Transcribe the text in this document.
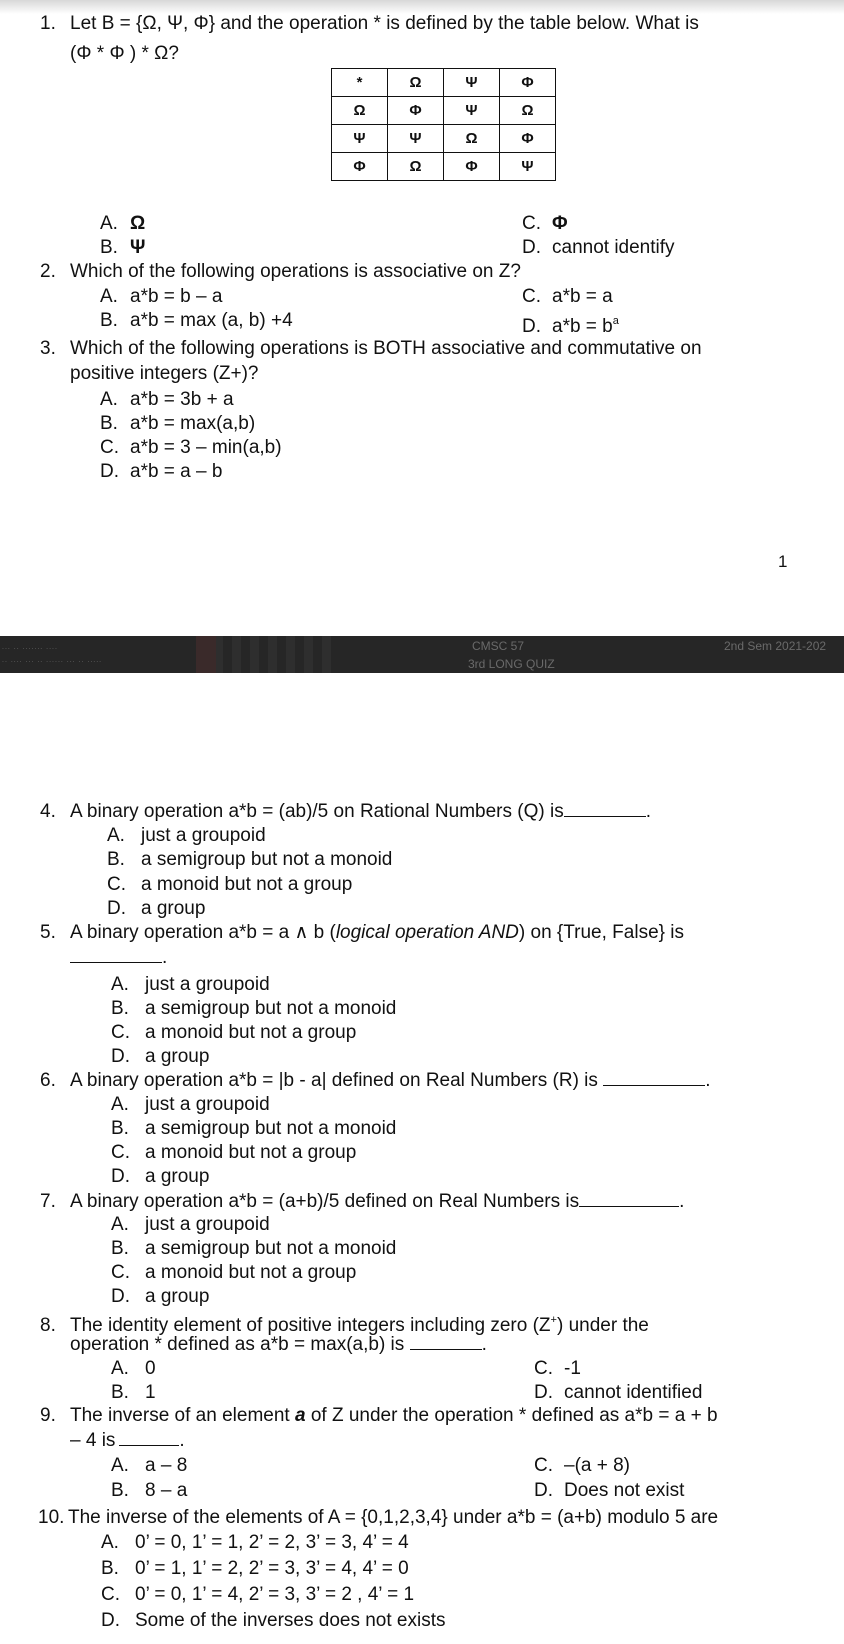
1. Let B = {Ω, Ψ, Φ} and the operation * is defined by the table below. What is
(Φ * Φ ) * Ω?
*	Ω	Ψ	Φ
Ω	Φ	Ψ	Ω
Ψ	Ψ	Ω	Φ
Φ	Ω	Φ	Ψ
A. Ω
B. Ψ
C. Φ
D. cannot identify
2. Which of the following operations is associative on Z?
A. a*b = b – a
B. a*b = max (a, b) +4
C. a*b = a
D. $a*b = b^a$
3. Which of the following operations is BOTH associative and commutative on
positive integers (Z+)?
A. a*b = 3b + a
B. a*b = max(a,b)
C. a*b = 3 – min(a,b)
D. a*b = a – b
1
... .. ....... ....
.. .... ... .. ...... ... .. .....
CMSC 57
3rd LONG QUIZ
2nd Sem 2021-202
4. A binary operation a*b = (ab)/5 on Rational Numbers (Q) is	.
A. just a groupoid
B. a semigroup but not a monoid
C. a monoid but not a group
D. a group
5. A binary operation a*b = a ∧ b (logical operation AND) on {True, False} is
.
A. just a groupoid
B. a semigroup but not a monoid
C. a monoid but not a group
D. a group
6. A binary operation a*b = |b - a| defined on Real Numbers (R) is	.
A. just a groupoid
B. a semigroup but not a monoid
C. a monoid but not a group
D. a group
7. A binary operation a*b = (a+b)/5 defined on Real Numbers is	.
A. just a groupoid
B. a semigroup but not a monoid
C. a monoid but not a group
D. a group
8. The identity element of positive integers including zero (Z+) under the
operation * defined as a*b = max(a,b) is	.
A. 0
B. 1
C. -1
D. cannot identified
9. The inverse of an element a of Z under the operation * defined as a*b = a + b
– 4 is	.
A. a – 8
B. 8 – a
C. –(a + 8)
D. Does not exist
10. The inverse of the elements of A = {0,1,2,3,4} under a*b = (a+b) modulo 5 are
A. 0’ = 0, 1’ = 1, 2’ = 2, 3’ = 3, 4’ = 4
B. 0’ = 1, 1’ = 2, 2’ = 3, 3’ = 4, 4’ = 0
C. 0’ = 0, 1’ = 4, 2’ = 3, 3’ = 2 , 4’ = 1
D. Some of the inverses does not exists
